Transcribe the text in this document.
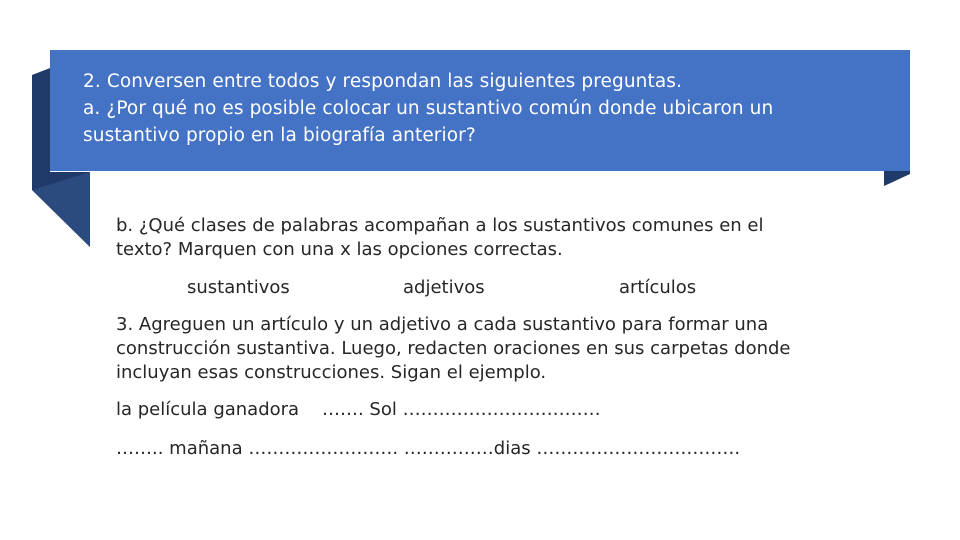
2. Conversen entre todos y respondan las siguientes preguntas.
a. ¿Por qué no es posible colocar un sustantivo común donde ubicaron un
sustantivo propio en la biografía anterior?
b. ¿Qué clases de palabras acompañan a los sustantivos comunes en el
texto? Marquen con una x las opciones correctas.
sustantivos	adjetivos	artículos
3. Agreguen un artículo y un adjetivo a cada sustantivo para formar una
construcción sustantiva. Luego, redacten oraciones en sus carpetas donde
incluyan esas construcciones. Sigan el ejemplo.
la película ganadora    ……. Sol ……………………………
…….. mañana ……………………. ……………dias …………………………….
